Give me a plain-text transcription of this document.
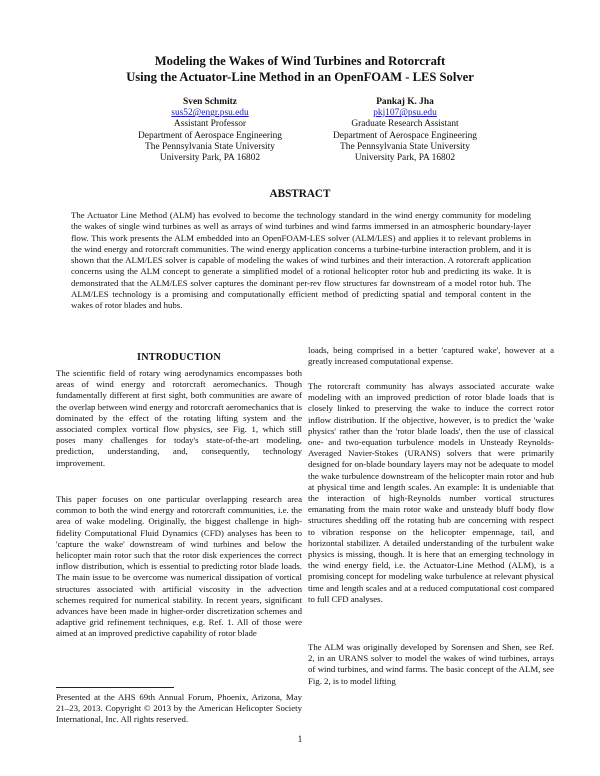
Modeling the Wakes of Wind Turbines and Rotorcraft
Using the Actuator-Line Method in an OpenFOAM - LES Solver
Sven Schmitz
sus52@engr.psu.edu
Assistant Professor
Department of Aerospace Engineering
The Pennsylvania State University
University Park, PA 16802
Pankaj K. Jha
pkj107@psu.edu
Graduate Research Assistant
Department of Aerospace Engineering
The Pennsylvania State University
University Park, PA 16802
ABSTRACT
The Actuator Line Method (ALM) has evolved to become the technology standard in the wind energy community for modeling the wakes of single wind turbines as well as arrays of wind turbines and wind farms immersed in an atmospheric boundary-layer flow. This work presents the ALM embedded into an OpenFOAM-LES solver (ALM/LES) and applies it to relevant problems in the wind energy and rotorcraft communities. The wind energy application concerns a turbine-turbine interaction problem, and it is shown that the ALM/LES solver is capable of modeling the wakes of wind turbines and their interaction. A rotorcraft application concerns using the ALM concept to generate a simplified model of a rotional helicopter rotor hub and predicting its wake. It is demonstrated that the ALM/LES solver captures the dominant per-rev flow structures far downstream of a model rotor hub. The ALM/LES technology is a promising and computationally efficient method of predicting spatial and temporal content in the wakes of rotor blades and hubs.
INTRODUCTION

The scientific field of rotary wing aerodynamics encompasses both areas of wind energy and rotorcraft aeromechanics. Though fundamentally different at first sight, both communities are aware of the overlap between wind energy and rotorcraft aeromechanics that is dominated by the effect of the rotating lifting system and the associated complex vortical flow physics, see Fig. 1, which still poses many challenges for today's state-of-the-art modeling, prediction, understanding, and, consequently, technology improvement.

This paper focuses on one particular overlapping research area common to both the wind energy and rotorcraft communities, i.e. the area of wake modeling. Originally, the biggest challenge in high-fidelity Computational Fluid Dynamics (CFD) analyses has been to 'capture the wake' downstream of wind turbines and below the helicopter main rotor such that the rotor disk experiences the correct inflow distribution, which is essential to predicting rotor blade loads. The main issue to be overcome was numerical dissipation of vortical structures associated with artificial viscosity in the advection schemes required for numerical stability. In recent years, significant advances have been made in higher-order discretization schemes and adaptive grid refinement techniques, e.g. Ref. 1. All of those were aimed at an improved predictive capability of rotor blade

loads, being comprised in a better 'captured wake', however at a greatly increased computational expense.

The rotorcraft community has always associated accurate wake modeling with an improved prediction of rotor blade loads that is closely linked to preserving the wake to induce the correct rotor inflow distribution. If the objective, however, is to predict the 'wake physics' rather than the 'rotor blade loads', then the use of classical one- and two-equation turbulence models in Unsteady Reynolds-Averaged Navier-Stokes (URANS) solvers that were primarily designed for on-blade boundary layers may not be adequate to model the wake turbulence downstream of the helicopter main rotor and hub at physical time and length scales. An example: It is undeniable that the interaction of high-Reynolds number vortical structures emanating from the main rotor wake and unsteady bluff body flow structures shedding off the rotating hub are concerning with respect to vibration response on the helicopter empennage, tail, and horizontal stabilizer. A detailed understanding of the turbulent wake physics is missing, though. It is here that an emerging technology in the wind energy field, i.e. the Actuator-Line Method (ALM), is a promising concept for modeling wake turbulence at relevant physical time and length scales and at a reduced computational cost compared to full CFD analyses.

The ALM was originally developed by Sorensen and Shen, see Ref. 2, in an URANS solver to model the wakes of wind turbines, arrays of wind turbines, and wind farms. The basic concept of the ALM, see Fig. 2, is to model lifting

Presented at the AHS 69th Annual Forum, Phoenix, Arizona, May 21–23, 2013. Copyright © 2013 by the American Helicopter Society International, Inc. All rights reserved.
1
